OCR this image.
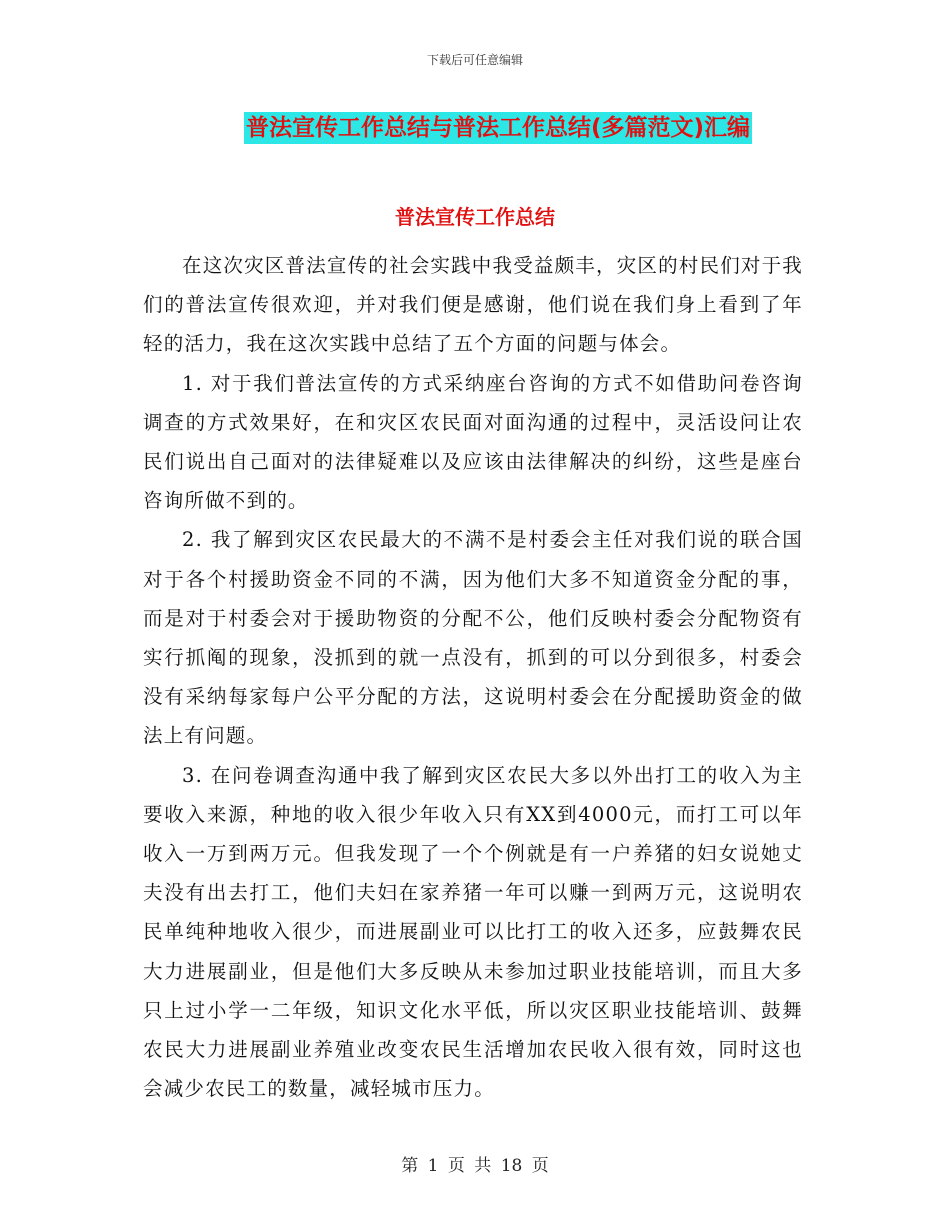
下载后可任意编辑
普法宣传工作总结与普法工作总结(多篇范文)汇编
普法宣传工作总结

在这次灾区普法宣传的社会实践中我受益颇丰，灾区的村民们对于我们的普法宣传很欢迎，并对我们便是感谢，他们说在我们身上看到了年轻的活力，我在这次实践中总结了五个方面的问题与体会。

1. 对于我们普法宣传的方式采纳座台咨询的方式不如借助问卷咨询调查的方式效果好，在和灾区农民面对面沟通的过程中，灵活设问让农民们说出自己面对的法律疑难以及应该由法律解决的纠纷，这些是座台咨询所做不到的。

2. 我了解到灾区农民最大的不满不是村委会主任对我们说的联合国对于各个村援助资金不同的不满，因为他们大多不知道资金分配的事，而是对于村委会对于援助物资的分配不公，他们反映村委会分配物资有实行抓阄的现象，没抓到的就一点没有，抓到的可以分到很多，村委会没有采纳每家每户公平分配的方法，这说明村委会在分配援助资金的做法上有问题。

3. 在问卷调查沟通中我了解到灾区农民大多以外出打工的收入为主要收入来源，种地的收入很少年收入只有XX到4000元，而打工可以年收入一万到两万元。但我发现了一个个例就是有一户养猪的妇女说她丈夫没有出去打工，他们夫妇在家养猪一年可以赚一到两万元，这说明农民单纯种地收入很少，而进展副业可以比打工的收入还多，应鼓舞农民大力进展副业，但是他们大多反映从未参加过职业技能培训，而且大多只上过小学一二年级，知识文化水平低，所以灾区职业技能培训、鼓舞农民大力进展副业养殖业改变农民生活增加农民收入很有效，同时这也会减少农民工的数量，减轻城市压力。

第 1 页 共 18 页
